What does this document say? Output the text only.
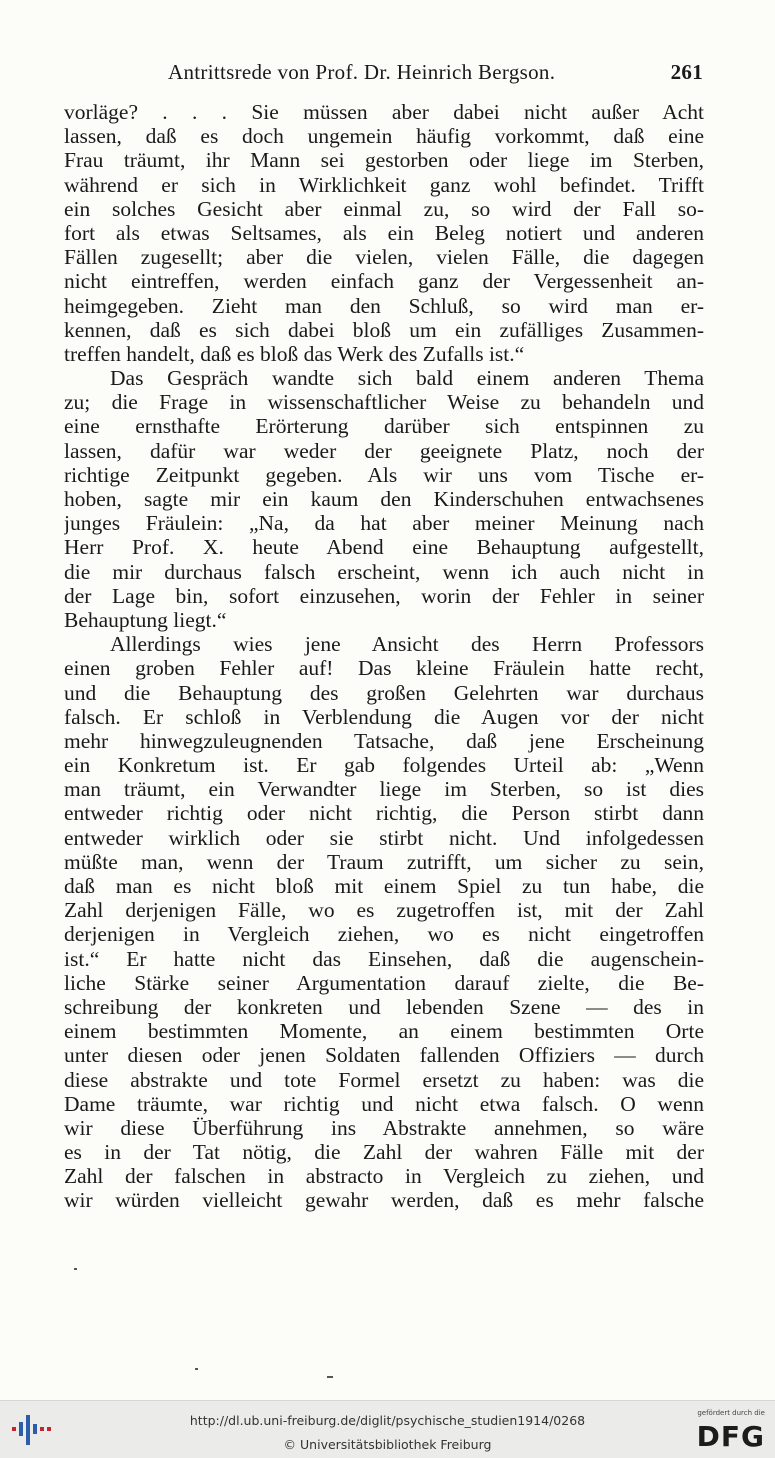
Antrittsrede von Prof. Dr. Heinrich Bergson.	261
vorläge? . . . Sie müssen aber dabei nicht außer Acht
lassen, daß es doch ungemein häufig vorkommt, daß eine
Frau träumt, ihr Mann sei gestorben oder liege im Sterben,
während er sich in Wirklichkeit ganz wohl befindet. Trifft
ein solches Gesicht aber einmal zu, so wird der Fall so-
fort als etwas Seltsames, als ein Beleg notiert und anderen
Fällen zugesellt; aber die vielen, vielen Fälle, die dagegen
nicht eintreffen, werden einfach ganz der Vergessenheit an-
heimgegeben. Zieht man den Schluß, so wird man er-
kennen, daß es sich dabei bloß um ein zufälliges Zusammen-
treffen handelt, daß es bloß das Werk des Zufalls ist.“
Das Gespräch wandte sich bald einem anderen Thema
zu; die Frage in wissenschaftlicher Weise zu behandeln und
eine ernsthafte Erörterung darüber sich entspinnen zu
lassen, dafür war weder der geeignete Platz, noch der
richtige Zeitpunkt gegeben. Als wir uns vom Tische er-
hoben, sagte mir ein kaum den Kinderschuhen entwachsenes
junges Fräulein: „Na, da hat aber meiner Meinung nach
Herr Prof. X. heute Abend eine Behauptung aufgestellt,
die mir durchaus falsch erscheint, wenn ich auch nicht in
der Lage bin, sofort einzusehen, worin der Fehler in seiner
Behauptung liegt.“
Allerdings wies jene Ansicht des Herrn Professors
einen groben Fehler auf! Das kleine Fräulein hatte recht,
und die Behauptung des großen Gelehrten war durchaus
falsch. Er schloß in Verblendung die Augen vor der nicht
mehr hinwegzuleugnenden Tatsache, daß jene Erscheinung
ein Konkretum ist. Er gab folgendes Urteil ab: „Wenn
man träumt, ein Verwandter liege im Sterben, so ist dies
entweder richtig oder nicht richtig, die Person stirbt dann
entweder wirklich oder sie stirbt nicht. Und infolgedessen
müßte man, wenn der Traum zutrifft, um sicher zu sein,
daß man es nicht bloß mit einem Spiel zu tun habe, die
Zahl derjenigen Fälle, wo es zugetroffen ist, mit der Zahl
derjenigen in Vergleich ziehen, wo es nicht eingetroffen
ist.“ Er hatte nicht das Einsehen, daß die augenschein-
liche Stärke seiner Argumentation darauf zielte, die Be-
schreibung der konkreten und lebenden Szene — des in
einem bestimmten Momente, an einem bestimmten Orte
unter diesen oder jenen Soldaten fallenden Offiziers — durch
diese abstrakte und tote Formel ersetzt zu haben: was die
Dame träumte, war richtig und nicht etwa falsch. O wenn
wir diese Überführung ins Abstrakte annehmen, so wäre
es in der Tat nötig, die Zahl der wahren Fälle mit der
Zahl der falschen in abstracto in Vergleich zu ziehen, und
wir würden vielleicht gewahr werden, daß es mehr falsche
http://dl.ub.uni-freiburg.de/diglit/psychische_studien1914/0268
© Universitätsbibliothek Freiburg
gefördert durch die
DFG
